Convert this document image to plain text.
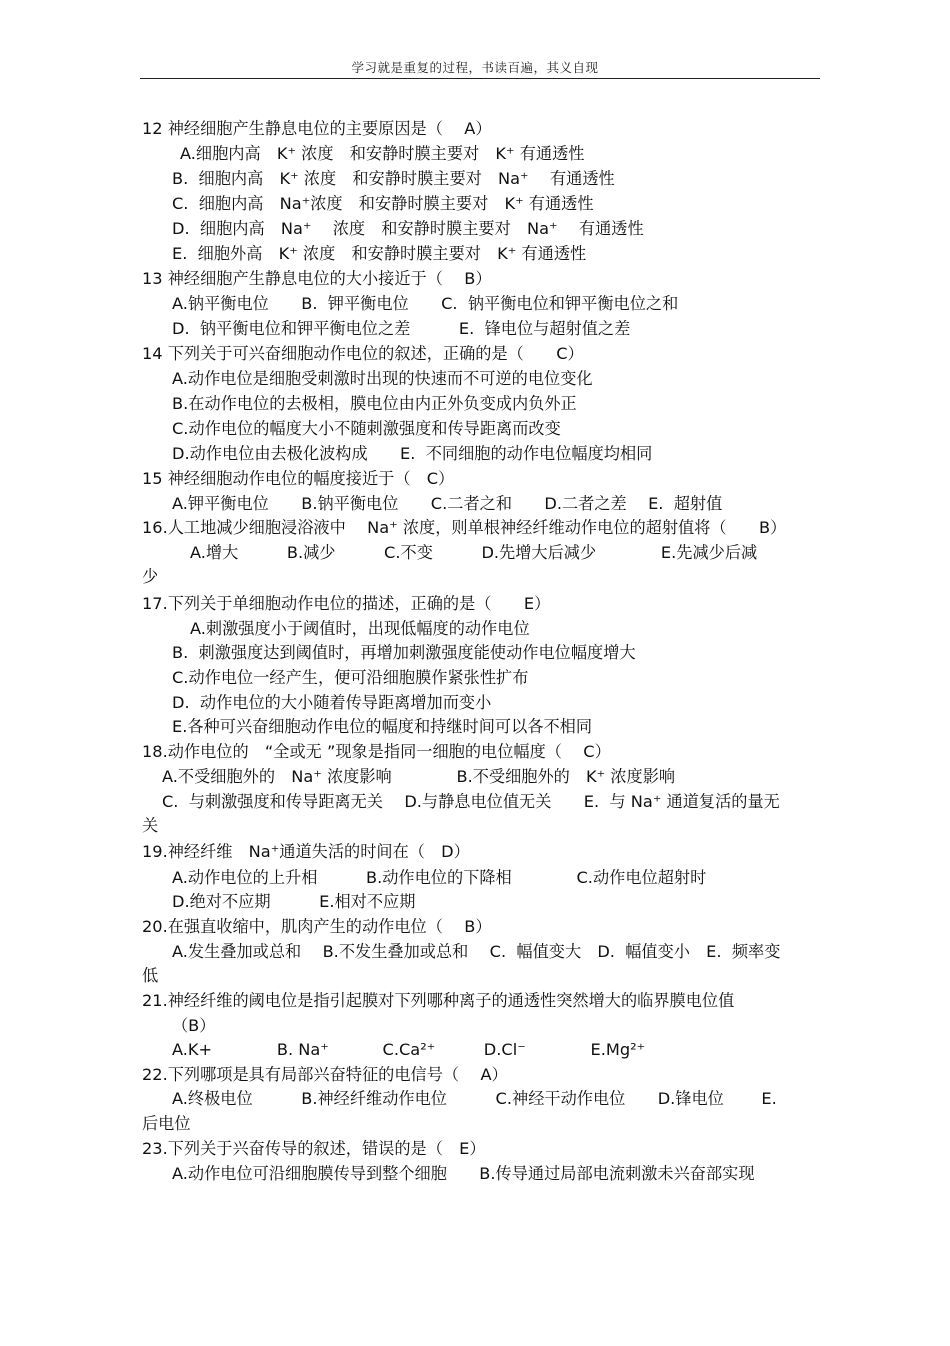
学习就是重复的过程，书读百遍，其义自现
12 神经细胞产生静息电位的主要原因是（　 A）
A.细胞内高　K⁺ 浓度　和安静时膜主要对　K⁺ 有通透性
B.  细胞内高　K⁺ 浓度　和安静时膜主要对　Na⁺　 有通透性
C.  细胞内高　Na⁺浓度　和安静时膜主要对　K⁺ 有通透性
D.  细胞内高　Na⁺　 浓度　和安静时膜主要对　Na⁺　 有通透性
E.  细胞外高　K⁺ 浓度　和安静时膜主要对　K⁺ 有通透性
13 神经细胞产生静息电位的大小接近于（　 B）
A.钠平衡电位　　B.  钾平衡电位　　C.  钠平衡电位和钾平衡电位之和
D.  钠平衡电位和钾平衡电位之差　　　E.  锋电位与超射值之差
14 下列关于可兴奋细胞动作电位的叙述，正确的是（　　C）
A.动作电位是细胞受刺激时出现的快速而不可逆的电位变化
B.在动作电位的去极相，膜电位由内正外负变成内负外正
C.动作电位的幅度大小不随刺激强度和传导距离而改变
D.动作电位由去极化波构成　　E.  不同细胞的动作电位幅度均相同
15 神经细胞动作电位的幅度接近于（　C）
A.钾平衡电位　　B.钠平衡电位　　C.二者之和　　D.二者之差　 E.  超射值
16.人工地减少细胞浸浴液中　 Na⁺ 浓度，则单根神经纤维动作电位的超射值将（　　B）
A.增大　　　B.减少　　　C.不变　　　D.先增大后减少　　　　E.先减少后减
少
17.下列关于单细胞动作电位的描述，正确的是（　　E）
A.刺激强度小于阈值时，出现低幅度的动作电位
B.  刺激强度达到阈值时，再增加刺激强度能使动作电位幅度增大
C.动作电位一经产生，便可沿细胞膜作紧张性扩布
D.  动作电位的大小随着传导距离增加而变小
E.各种可兴奋细胞动作电位的幅度和持继时间可以各不相同
18.动作电位的　“全或无 ”现象是指同一细胞的电位幅度（　 C）
A.不受细胞外的　Na⁺ 浓度影响　　　　B.不受细胞外的　K⁺ 浓度影响
C.  与刺激强度和传导距离无关　 D.与静息电位值无关　　E.  与 Na⁺ 通道复活的量无
关
19.神经纤维　Na⁺通道失活的时间在（　D）
A.动作电位的上升相　　　B.动作电位的下降相　　　　C.动作电位超射时
D.绝对不应期　　　E.相对不应期
20.在强直收缩中，肌肉产生的动作电位（　 B）
A.发生叠加或总和　 B.不发生叠加或总和　 C.  幅值变大　D.  幅值变小　E.  频率变
低
21.神经纤维的阈电位是指引起膜对下列哪种离子的通透性突然增大的临界膜电位值
（B）
A.K+　　　　B. Na⁺　　　 C.Ca²⁺　　　D.Cl⁻　　　　E.Mg²⁺
22.下列哪项是具有局部兴奋特征的电信号（　 A）
A.终极电位　　　B.神经纤维动作电位　　　C.神经干动作电位　　D.锋电位　　 E.
后电位
23.下列关于兴奋传导的叙述，错误的是（　E）
A.动作电位可沿细胞膜传导到整个细胞　　B.传导通过局部电流刺激未兴奋部实现
